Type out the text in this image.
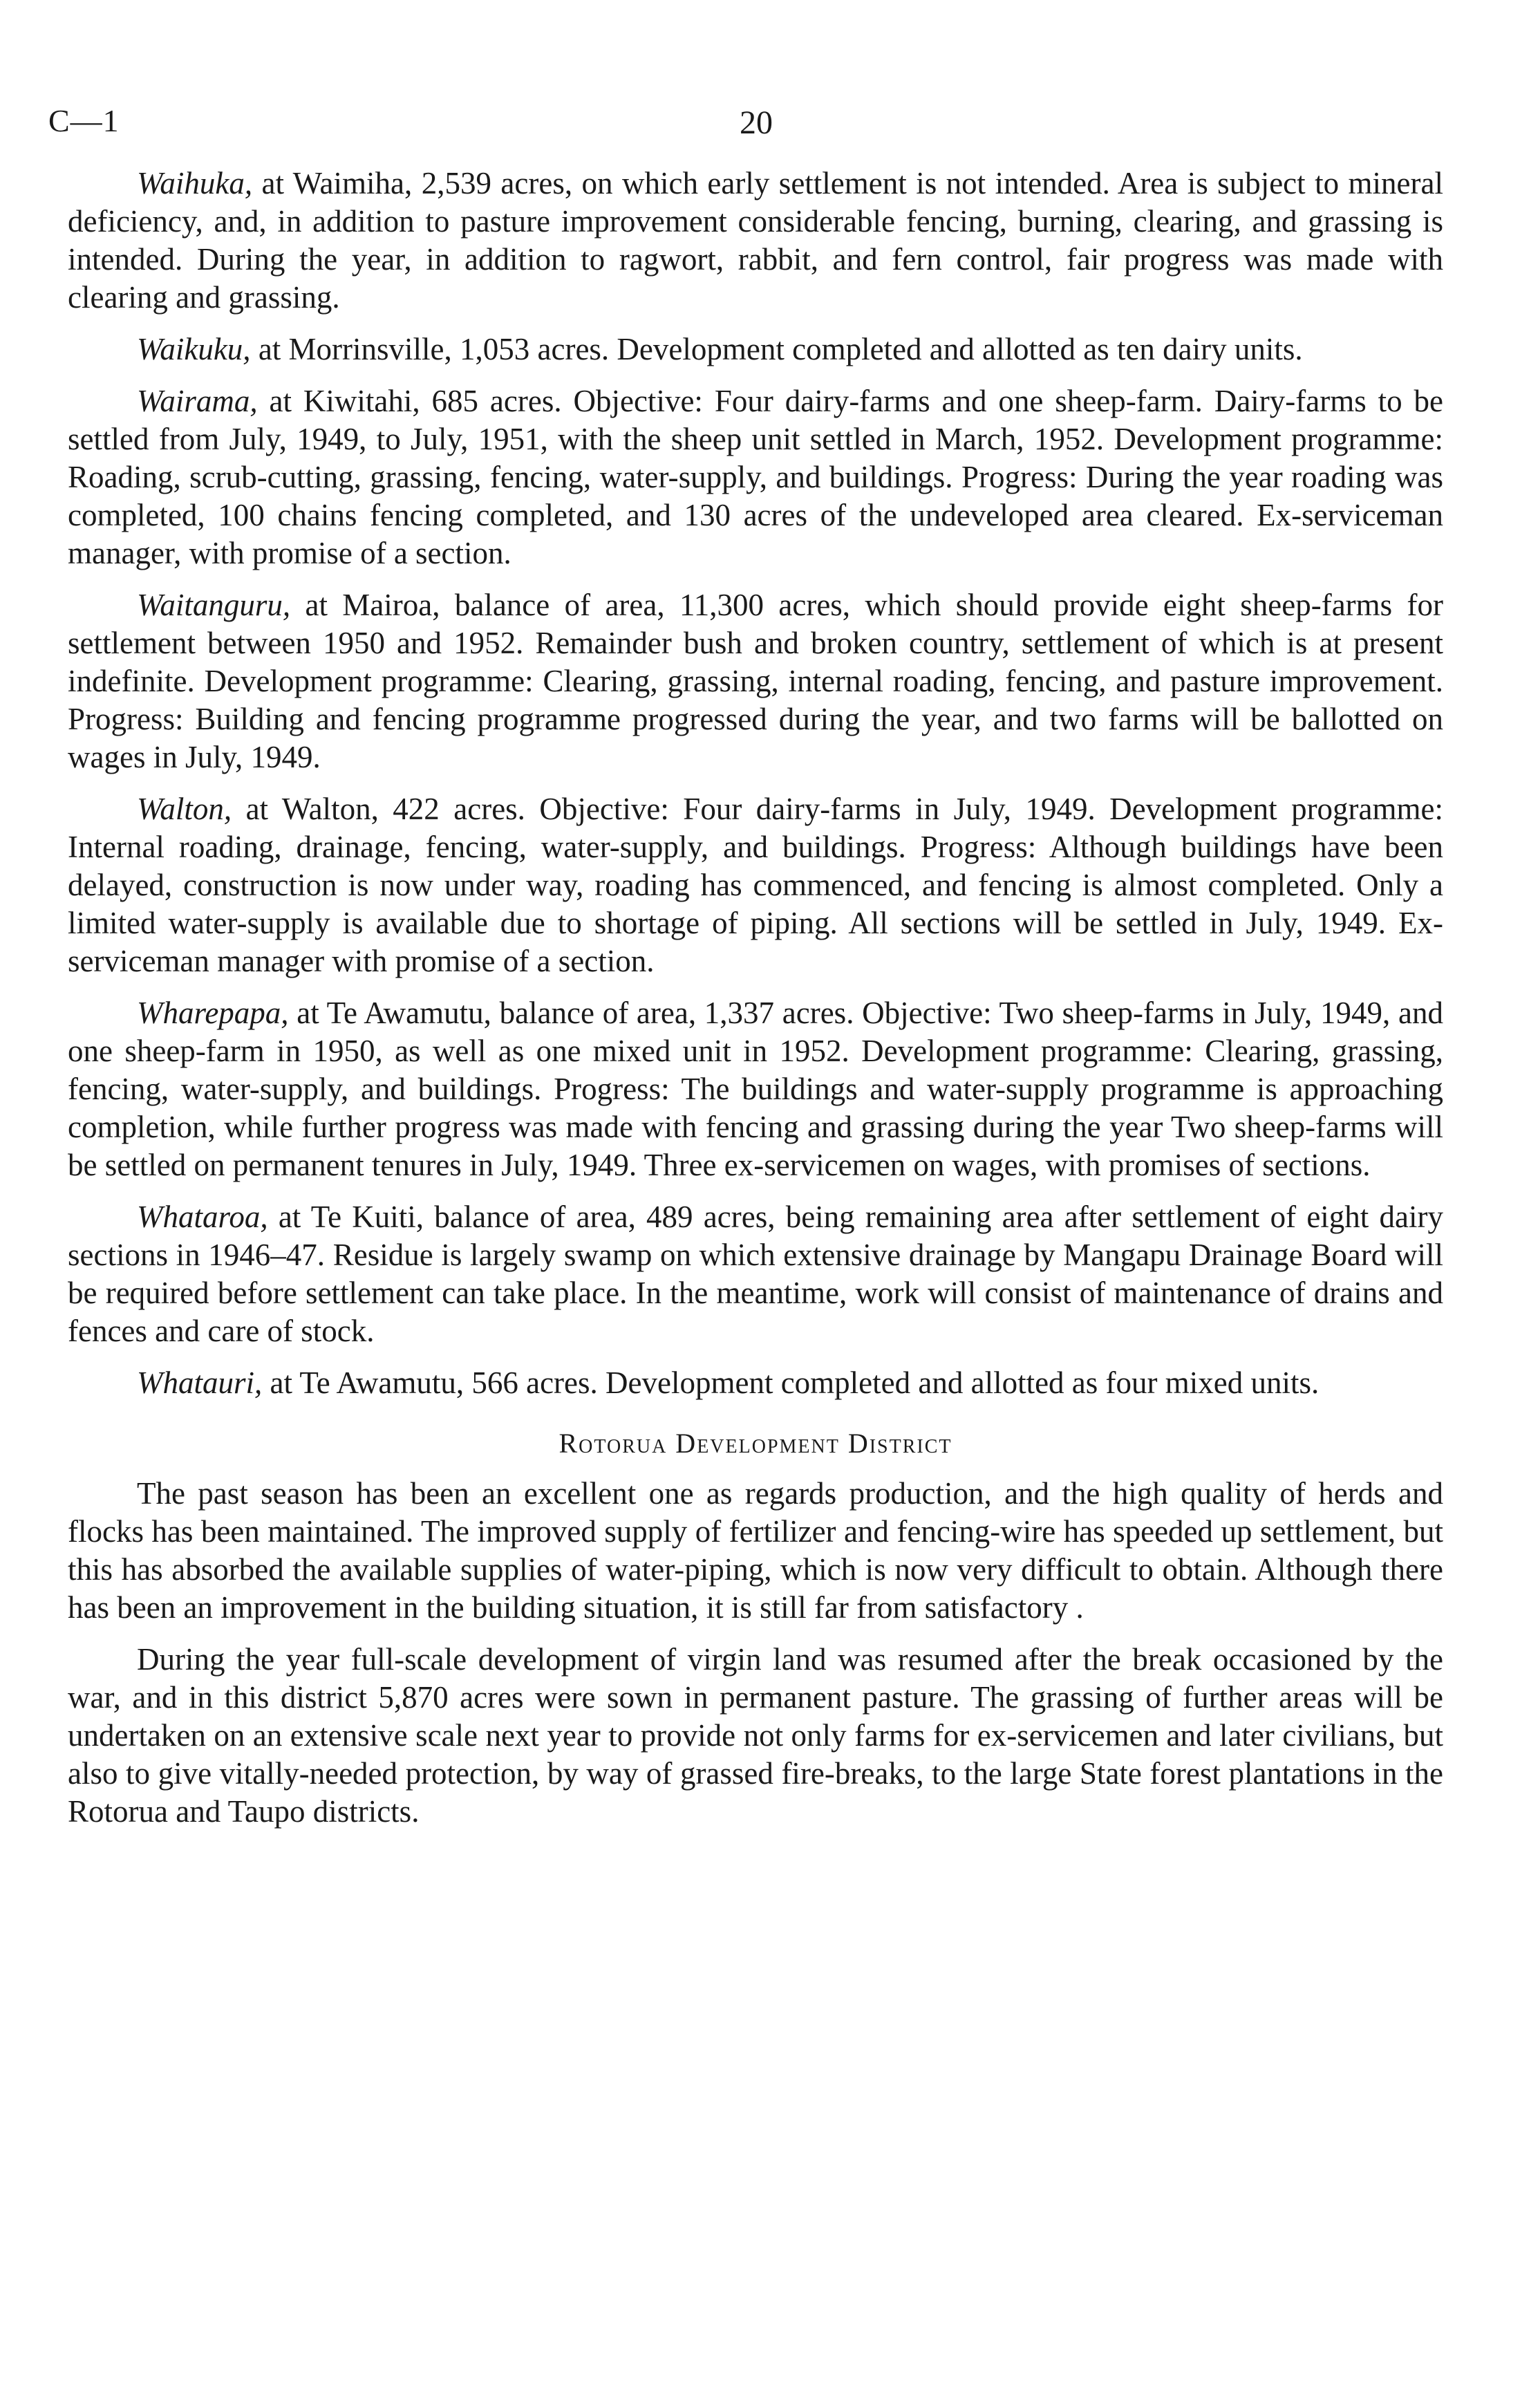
C—1	20

Waihuka, at Waimiha, 2,539 acres, on which early settlement is not intended. Area is subject to mineral deficiency, and, in addition to pasture improvement considerable fencing, burning, clearing, and grassing is intended. During the year, in addition to ragwort, rabbit, and fern control, fair progress was made with clearing and grassing.

Waikuku, at Morrinsville, 1,053 acres. Development completed and allotted as ten dairy units.

Wairama, at Kiwitahi, 685 acres. Objective: Four dairy-farms and one sheep-farm. Dairy-farms to be settled from July, 1949, to July, 1951, with the sheep unit settled in March, 1952. Development programme: Roading, scrub-cutting, grassing, fencing, water-supply, and buildings. Progress: During the year roading was completed, 100 chains fencing completed, and 130 acres of the undeveloped area cleared. Ex-serviceman manager, with promise of a section.

Waitanguru, at Mairoa, balance of area, 11,300 acres, which should provide eight sheep-farms for settlement between 1950 and 1952. Remainder bush and broken country, settlement of which is at present indefinite. Development programme: Clearing, grassing, internal roading, fencing, and pasture improvement. Progress: Building and fencing programme progressed during the year, and two farms will be ballotted on wages in July, 1949.

Walton, at Walton, 422 acres. Objective: Four dairy-farms in July, 1949. Development programme: Internal roading, drainage, fencing, water-supply, and buildings. Progress: Although buildings have been delayed, construction is now under way, roading has commenced, and fencing is almost completed. Only a limited water-supply is available due to shortage of piping. All sections will be settled in July, 1949. Ex-serviceman manager with promise of a section.

Wharepapa, at Te Awamutu, balance of area, 1,337 acres. Objective: Two sheep-farms in July, 1949, and one sheep-farm in 1950, as well as one mixed unit in 1952. Development programme: Clearing, grassing, fencing, water-supply, and buildings. Progress: The buildings and water-supply programme is approaching completion, while further progress was made with fencing and grassing during the year Two sheep-farms will be settled on permanent tenures in July, 1949. Three ex-servicemen on wages, with promises of sections.

Whataroa, at Te Kuiti, balance of area, 489 acres, being remaining area after settlement of eight dairy sections in 1946–47. Residue is largely swamp on which extensive drainage by Mangapu Drainage Board will be required before settlement can take place. In the meantime, work will consist of maintenance of drains and fences and care of stock.

Whatauri, at Te Awamutu, 566 acres. Development completed and allotted as four mixed units.

Rotorua Development District

The past season has been an excellent one as regards production, and the high quality of herds and flocks has been maintained. The improved supply of fertilizer and fencing-wire has speeded up settlement, but this has absorbed the available supplies of water-piping, which is now very difficult to obtain. Although there has been an improvement in the building situation, it is still far from satisfactory .

During the year full-scale development of virgin land was resumed after the break occasioned by the war, and in this district 5,870 acres were sown in permanent pasture. The grassing of further areas will be undertaken on an extensive scale next year to provide not only farms for ex-servicemen and later civilians, but also to give vitally-needed protection, by way of grassed fire-breaks, to the large State forest plantations in the Rotorua and Taupo districts.
